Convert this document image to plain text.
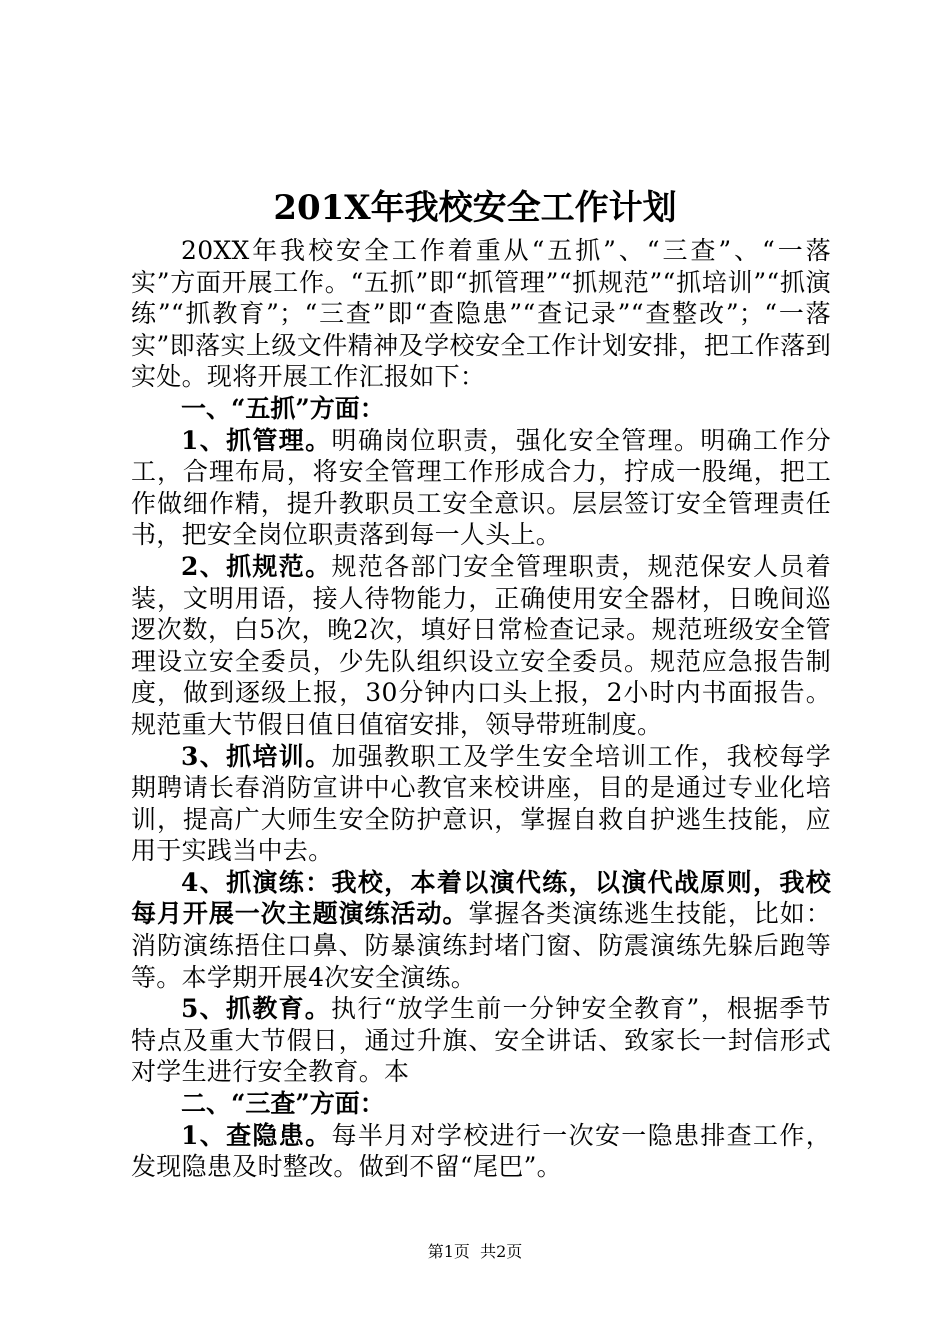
201X年我校安全工作计划

20XX年我校安全工作着重从“五抓”、“三查”、“一落实”方面开展工作。“五抓”即“抓管理”“抓规范”“抓培训”“抓演练”“抓教育”；“三查”即“查隐患”“查记录”“查整改”；“一落实”即落实上级文件精神及学校安全工作计划安排，把工作落到实处。现将开展工作汇报如下：

一、“五抓”方面：

1、抓管理。明确岗位职责，强化安全管理。明确工作分工，合理布局，将安全管理工作形成合力，拧成一股绳，把工作做细作精，提升教职员工安全意识。层层签订安全管理责任书，把安全岗位职责落到每一人头上。

2、抓规范。规范各部门安全管理职责，规范保安人员着装，文明用语，接人待物能力，正确使用安全器材，日晚间巡逻次数，白5次，晚2次，填好日常检查记录。规范班级安全管理设立安全委员，少先队组织设立安全委员。规范应急报告制度，做到逐级上报，30分钟内口头上报，2小时内书面报告。规范重大节假日值日值宿安排，领导带班制度。

3、抓培训。加强教职工及学生安全培训工作，我校每学期聘请长春消防宣讲中心教官来校讲座，目的是通过专业化培训，提高广大师生安全防护意识，掌握自救自护逃生技能，应用于实践当中去。

4、抓演练：我校，本着以演代练，以演代战原则，我校每月开展一次主题演练活动。掌握各类演练逃生技能，比如：消防演练捂住口鼻、防暴演练封堵门窗、防震演练先躲后跑等等。本学期开展4次安全演练。

5、抓教育。执行“放学生前一分钟安全教育”，根据季节特点及重大节假日，通过升旗、安全讲话、致家长一封信形式对学生进行安全教育。本

二、“三查”方面：

1、查隐患。每半月对学校进行一次安一隐患排查工作，发现隐患及时整改。做到不留“尾巴”。

第1页  共2页
